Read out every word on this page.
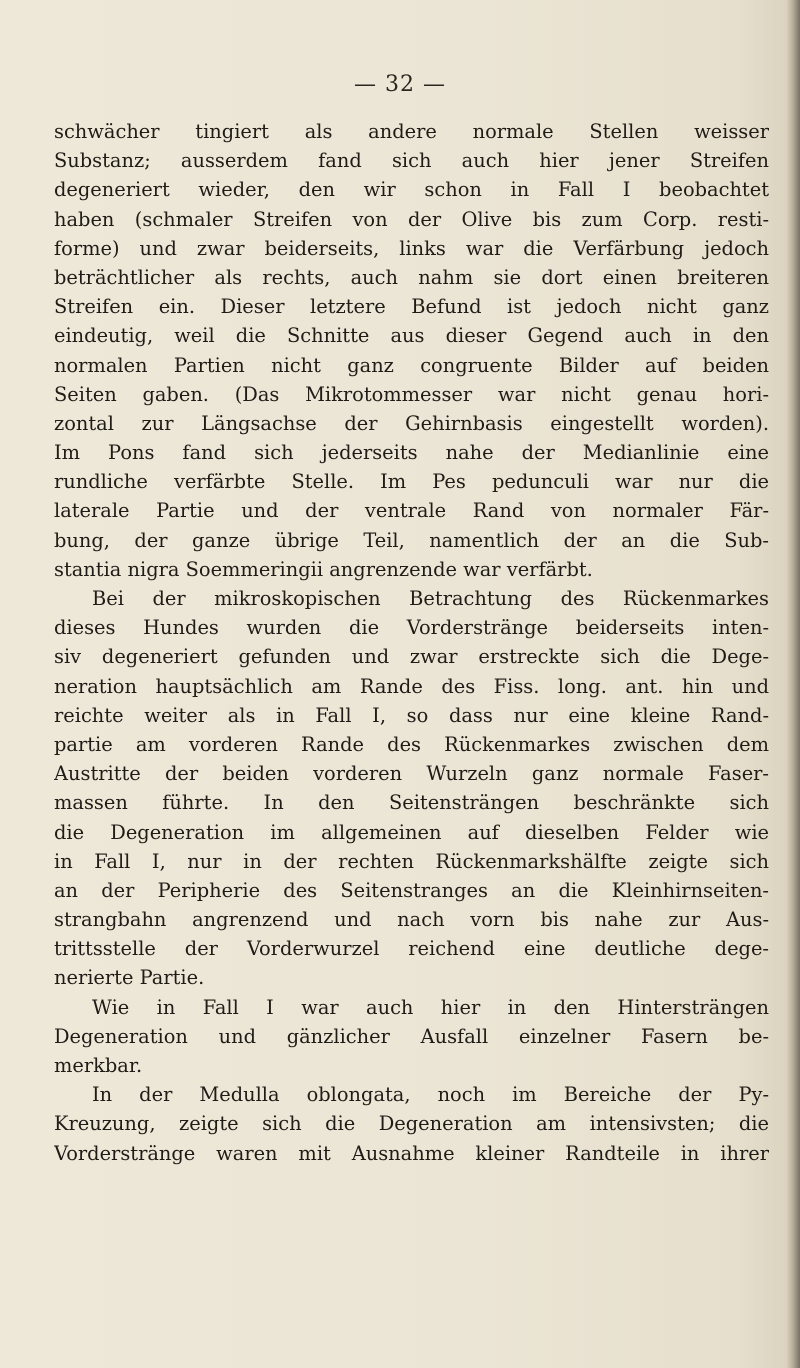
— 32 —
schwächer tingiert als andere normale Stellen weisser
Substanz; ausserdem fand sich auch hier jener Streifen
degeneriert wieder, den wir schon in Fall I beobachtet
haben (schmaler Streifen von der Olive bis zum Corp. resti-
forme) und zwar beiderseits, links war die Verfärbung jedoch
beträchtlicher als rechts, auch nahm sie dort einen breiteren
Streifen ein. Dieser letztere Befund ist jedoch nicht ganz
eindeutig, weil die Schnitte aus dieser Gegend auch in den
normalen Partien nicht ganz congruente Bilder auf beiden
Seiten gaben. (Das Mikrotommesser war nicht genau hori-
zontal zur Längsachse der Gehirnbasis eingestellt worden).
Im Pons fand sich jederseits nahe der Medianlinie eine
rundliche verfärbte Stelle. Im Pes pedunculi war nur die
laterale Partie und der ventrale Rand von normaler Fär-
bung, der ganze übrige Teil, namentlich der an die Sub-
stantia nigra Soemmeringii angrenzende war verfärbt.
Bei der mikroskopischen Betrachtung des Rückenmarkes
dieses Hundes wurden die Vorderstränge beiderseits inten-
siv degeneriert gefunden und zwar erstreckte sich die Dege-
neration hauptsächlich am Rande des Fiss. long. ant. hin und
reichte weiter als in Fall I, so dass nur eine kleine Rand-
partie am vorderen Rande des Rückenmarkes zwischen dem
Austritte der beiden vorderen Wurzeln ganz normale Faser-
massen führte. In den Seitensträngen beschränkte sich
die Degeneration im allgemeinen auf dieselben Felder wie
in Fall I, nur in der rechten Rückenmarkshälfte zeigte sich
an der Peripherie des Seitenstranges an die Kleinhirnseiten-
strangbahn angrenzend und nach vorn bis nahe zur Aus-
trittsstelle der Vorderwurzel reichend eine deutliche dege-
nerierte Partie.
Wie in Fall I war auch hier in den Hintersträngen
Degeneration und gänzlicher Ausfall einzelner Fasern be-
merkbar.
In der Medulla oblongata, noch im Bereiche der Py-
Kreuzung, zeigte sich die Degeneration am intensivsten; die
Vorderstränge waren mit Ausnahme kleiner Randteile in ihrer
